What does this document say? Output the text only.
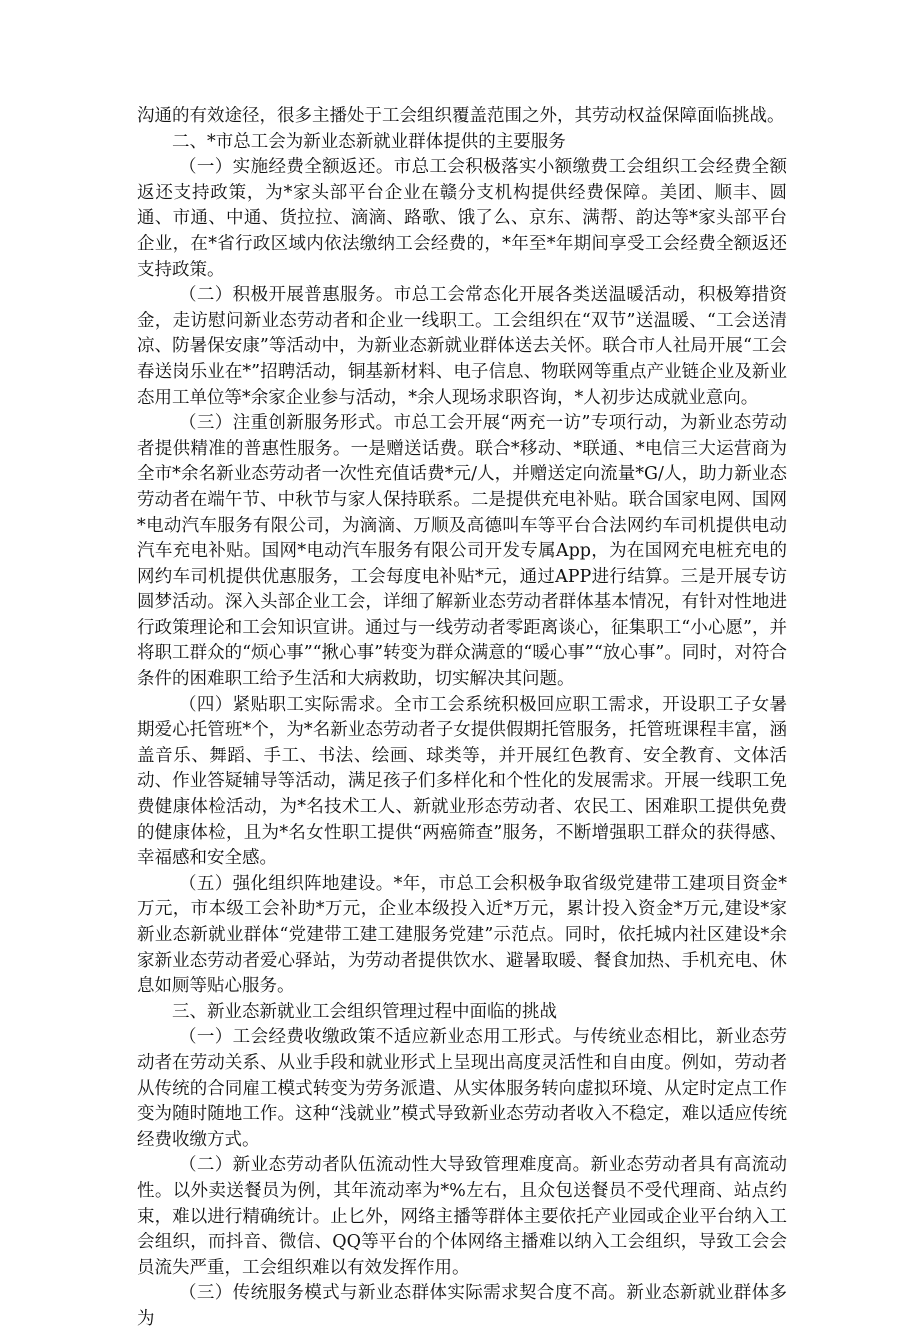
沟通的有效途径，很多主播处于工会组织覆盖范围之外，其劳动权益保障面临挑战。

二、*市总工会为新业态新就业群体提供的主要服务

（一）实施经费全额返还。市总工会积极落实小额缴费工会组织工会经费全额返还支持政策，为*家头部平台企业在赣分支机构提供经费保障。美团、顺丰、圆通、市通、中通、货拉拉、滴滴、路歌、饿了么、京东、满帮、韵达等*家头部平台企业，在*省行政区域内依法缴纳工会经费的，*年至*年期间享受工会经费全额返还支持政策。

（二）积极开展普惠服务。市总工会常态化开展各类送温暖活动，积极筹措资金，走访慰问新业态劳动者和企业一线职工。工会组织在“双节”送温暖、“工会送清凉、防暑保安康”等活动中，为新业态新就业群体送去关怀。联合市人社局开展“工会春送岗乐业在*”招聘活动，铜基新材料、电子信息、物联网等重点产业链企业及新业态用工单位等*余家企业参与活动，*余人现场求职咨询，*人初步达成就业意向。

（三）注重创新服务形式。市总工会开展“两充一访”专项行动，为新业态劳动者提供精准的普惠性服务。一是赠送话费。联合*移动、*联通、*电信三大运营商为全市*余名新业态劳动者一次性充值话费*元/人，并赠送定向流量*G/人，助力新业态劳动者在端午节、中秋节与家人保持联系。二是提供充电补贴。联合国家电网、国网*电动汽车服务有限公司，为滴滴、万顺及高德叫车等平台合法网约车司机提供电动汽车充电补贴。国网*电动汽车服务有限公司开发专属App，为在国网充电桩充电的网约车司机提供优惠服务，工会每度电补贴*元，通过APP进行结算。三是开展专访圆梦活动。深入头部企业工会，详细了解新业态劳动者群体基本情况，有针对性地进行政策理论和工会知识宣讲。通过与一线劳动者零距离谈心，征集职工“小心愿”，并将职工群众的“烦心事”“揪心事”转变为群众满意的“暖心事”“放心事”。同时，对符合条件的困难职工给予生活和大病救助，切实解决其问题。

（四）紧贴职工实际需求。全市工会系统积极回应职工需求，开设职工子女暑期爱心托管班*个，为*名新业态劳动者子女提供假期托管服务，托管班课程丰富，涵盖音乐、舞蹈、手工、书法、绘画、球类等，并开展红色教育、安全教育、文体活动、作业答疑辅导等活动，满足孩子们多样化和个性化的发展需求。开展一线职工免费健康体检活动，为*名技术工人、新就业形态劳动者、农民工、困难职工提供免费的健康体检，且为*名女性职工提供“两癌筛查”服务，不断增强职工群众的获得感、幸福感和安全感。

（五）强化组织阵地建设。*年，市总工会积极争取省级党建带工建项目资金*万元，市本级工会补助*万元，企业本级投入近*万元，累计投入资金*万元,建设*家新业态新就业群体“党建带工建工建服务党建”示范点。同时，依托城内社区建设*余家新业态劳动者爱心驿站，为劳动者提供饮水、避暑取暖、餐食加热、手机充电、休息如厕等贴心服务。

三、新业态新就业工会组织管理过程中面临的挑战

（一）工会经费收缴政策不适应新业态用工形式。与传统业态相比，新业态劳动者在劳动关系、从业手段和就业形式上呈现出高度灵活性和自由度。例如，劳动者从传统的合同雇工模式转变为劳务派遣、从实体服务转向虚拟环境、从定时定点工作变为随时随地工作。这种“浅就业”模式导致新业态劳动者收入不稳定，难以适应传统经费收缴方式。

（二）新业态劳动者队伍流动性大导致管理难度高。新业态劳动者具有高流动性。以外卖送餐员为例，其年流动率为*%左右，且众包送餐员不受代理商、站点约束，难以进行精确统计。止匕外，网络主播等群体主要依托产业园或企业平台纳入工会组织，而抖音、微信、QQ等平台的个体网络主播难以纳入工会组织，导致工会会员流失严重，工会组织难以有效发挥作用。

（三）传统服务模式与新业态群体实际需求契合度不高。新业态新就业群体多为
